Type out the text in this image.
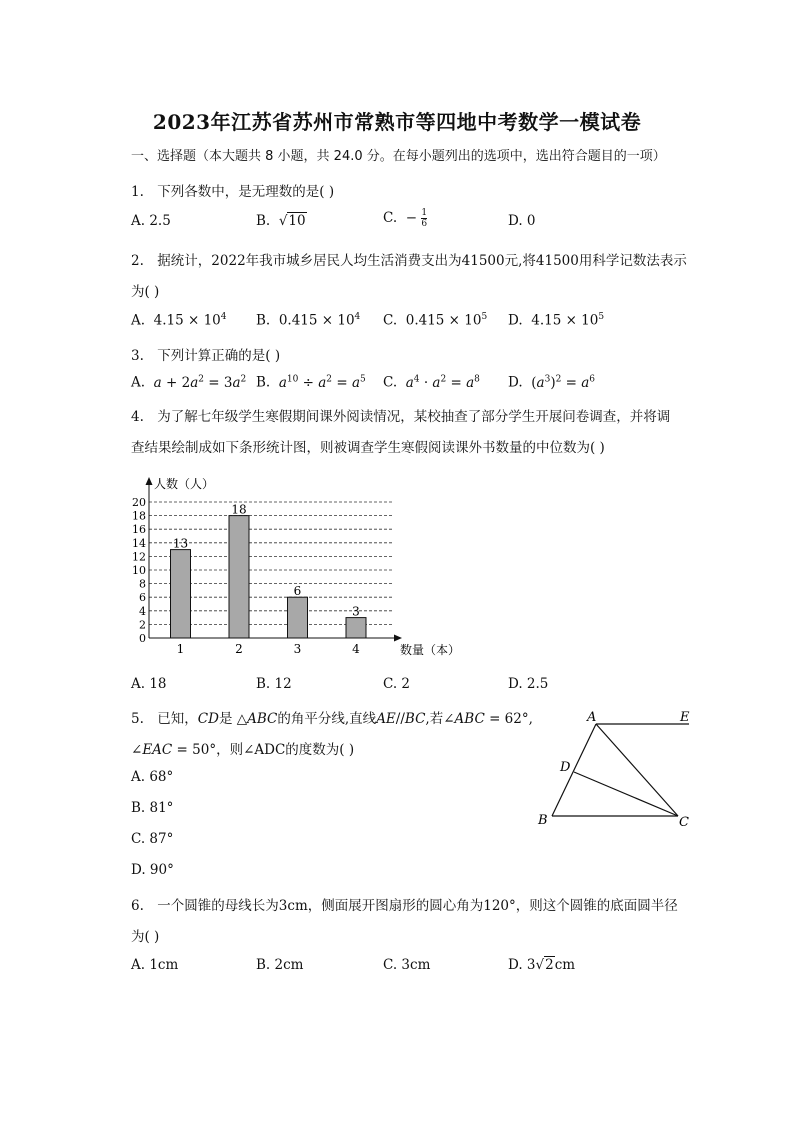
2023年江苏省苏州市常熟市等四地中考数学一模试卷
一、选择题（本大题共 8 小题，共 24.0 分。在每小题列出的选项中，选出符合题目的一项）
1. 下列各数中，是无理数的是( )
A. 2.5	B. √10	C. − $\frac{1}{6}$	D. 0
2. 据统计，2022年我市城乡居民人均生活消费支出为41500元,将41500用科学记数法表示
为( )
A. $4.15 \times 10^4$ B. $0.415 \times 10^4$ C. $0.415 \times 10^5$ D. $4.15 \times 10^5$
3. 下列计算正确的是( )
A. $a + 2a^2 = 3a^2$ B. $a^{10} \div a^2 = a^5$ C. $a^4 \cdot a^2 = a^8$ D. $(a^3)^2 = a^6$
4. 为了解七年级学生寒假期间课外阅读情况，某校抽查了部分学生开展问卷调查，并将调
查结果绘制成如下条形统计图，则被调查学生寒假阅读课外书数量的中位数为( )
0
2
4
6
8
10
12
14
16
18
20
1	2	3	4
13
18
6
3
人数（人）
数量（本）
A. 18	B. 12	C. 2	D. 2.5
5. 已知，CD是 △ABC的角平分线,直线AE//BC,若∠ABC = 62°,
∠EAC = 50°，则∠ADC的度数为( )
A. 68°
B. 81°
C. 87°
D. 90°
A	E
D
B	C
6. 一个圆锥的母线长为3cm，侧面展开图扇形的圆心角为120°，则这个圆锥的底面圆半径
为( )
A. 1cm	B. 2cm	C. 3cm	D. 3√2cm
